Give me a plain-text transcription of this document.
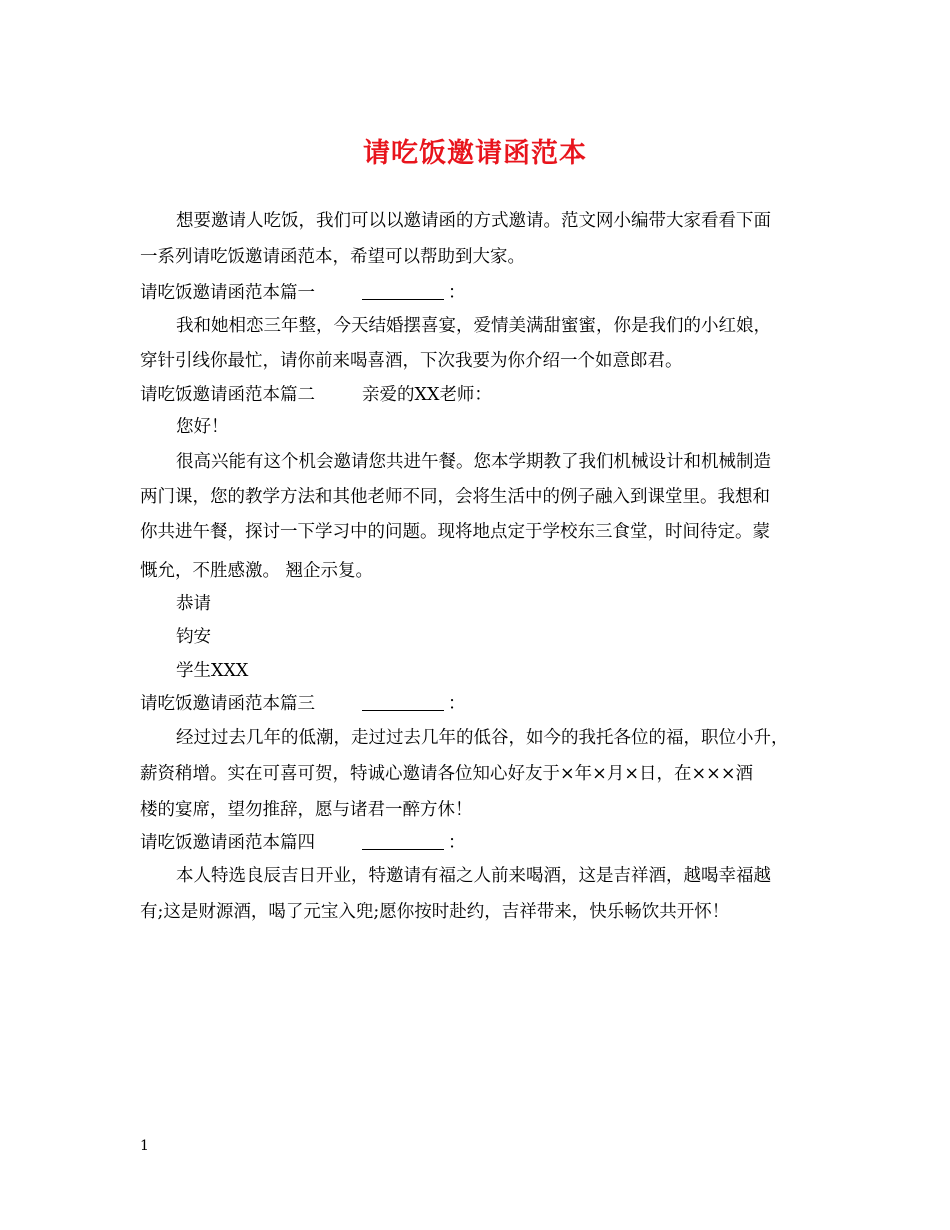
请吃饭邀请函范本
想要邀请人吃饭，我们可以以邀请函的方式邀请。范文网小编带大家看看下面
一系列请吃饭邀请函范本，希望可以帮助到大家。
请吃饭邀请函范本篇一	：
我和她相恋三年整，今天结婚摆喜宴，爱情美满甜蜜蜜，你是我们的小红娘，
穿针引线你最忙，请你前来喝喜酒，下次我要为你介绍一个如意郎君。
请吃饭邀请函范本篇二	亲爱的XX老师：
您好！
很高兴能有这个机会邀请您共进午餐。您本学期教了我们机械设计和机械制造
两门课，您的教学方法和其他老师不同，会将生活中的例子融入到课堂里。我想和
你共进午餐，探讨一下学习中的问题。现将地点定于学校东三食堂，时间待定。蒙
慨允，不胜感激。 翘企示复。
恭请
钧安
学生XXX
请吃饭邀请函范本篇三	：
经过过去几年的低潮，走过过去几年的低谷，如今的我托各位的福，职位小升，
薪资稍增。实在可喜可贺，特诚心邀请各位知心好友于×年×月×日，在×××酒
楼的宴席，望勿推辞，愿与诸君一醉方休！
请吃饭邀请函范本篇四	：
本人特选良辰吉日开业，特邀请有福之人前来喝酒，这是吉祥酒，越喝幸福越
有;这是财源酒，喝了元宝入兜;愿你按时赴约，吉祥带来，快乐畅饮共开怀！
1
